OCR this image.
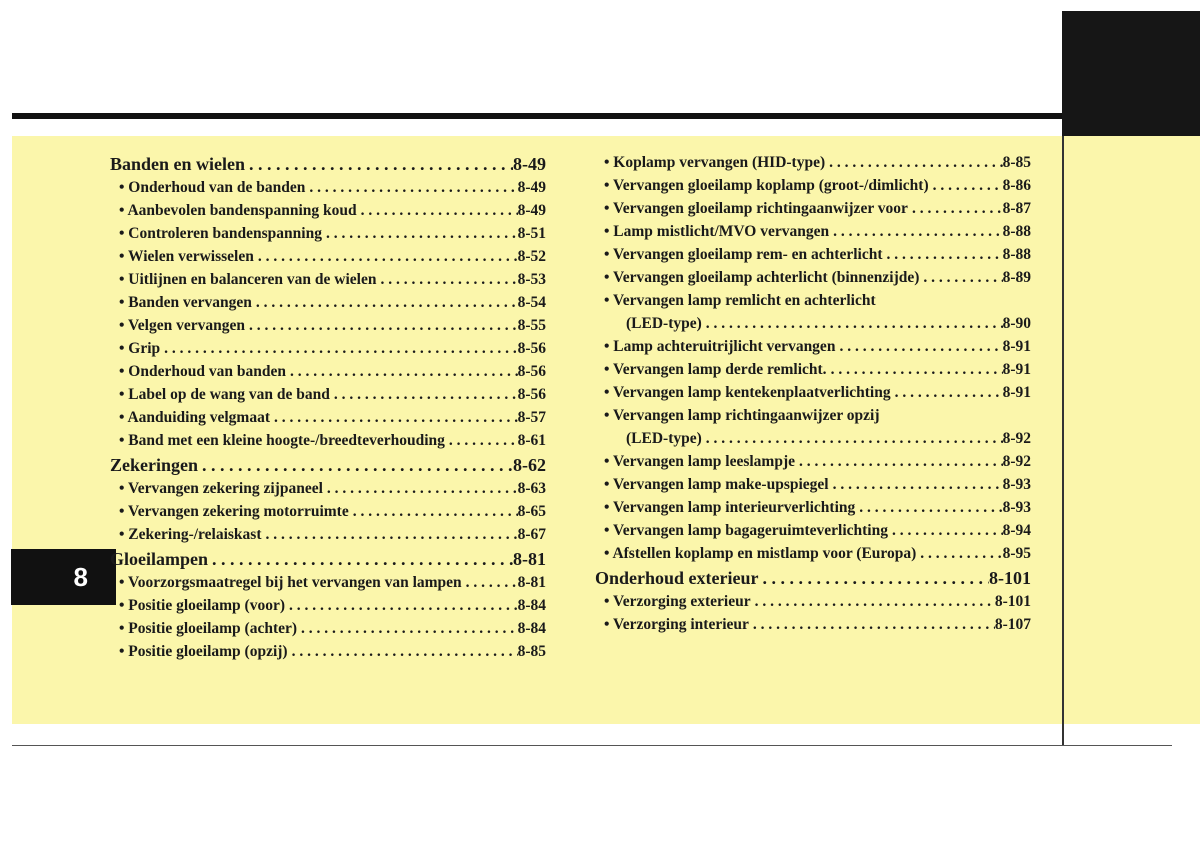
8
Banden en wielen . . .	8-49
• Onderhoud van de banden . . .	8-49
• Aanbevolen bandenspanning koud . . .	8-49
• Controleren bandenspanning . . .	8-51
• Wielen verwisselen . . .	8-52
• Uitlijnen en balanceren van de wielen . . .	8-53
• Banden vervangen . . .	8-54
• Velgen vervangen . . .	8-55
• Grip . . .	8-56
• Onderhoud van banden . . .	8-56
• Label op de wang van de band . . .	8-56
• Aanduiding velgmaat . . .	8-57
• Band met een kleine hoogte-/breedteverhouding . . .	8-61
Zekeringen . . .	8-62
• Vervangen zekering zijpaneel . . .	8-63
• Vervangen zekering motorruimte . . .	8-65
• Zekering-/relaiskast . . .	8-67
Gloeilampen . . .	8-81
• Voorzorgsmaatregel bij het vervangen van lampen . . .	8-81
• Positie gloeilamp (voor) . . .	8-84
• Positie gloeilamp (achter) . . .	8-84
• Positie gloeilamp (opzij) . . .	8-85
• Koplamp vervangen (HID-type) . . .	8-85
• Vervangen gloeilamp koplamp (groot-/dimlicht) . . .	8-86
• Vervangen gloeilamp richtingaanwijzer voor . . .	8-87
• Lamp mistlicht/MVO vervangen . . .	8-88
• Vervangen gloeilamp rem- en achterlicht . . .	8-88
• Vervangen gloeilamp achterlicht (binnenzijde) . . .	8-89
• Vervangen lamp remlicht en achterlicht
(LED-type) . . .	8-90
• Lamp achteruitrijlicht vervangen . . .	8-91
• Vervangen lamp derde remlicht. . . .	8-91
• Vervangen lamp kentekenplaatverlichting . . .	8-91
• Vervangen lamp richtingaanwijzer opzij
(LED-type) . . .	8-92
• Vervangen lamp leeslampje . . .	8-92
• Vervangen lamp make-upspiegel . . .	8-93
• Vervangen lamp interieurverlichting . . .	8-93
• Vervangen lamp bagageruimteverlichting . . .	8-94
• Afstellen koplamp en mistlamp voor (Europa) . . .	8-95
Onderhoud exterieur . . .	8-101
• Verzorging exterieur . . .	8-101
• Verzorging interieur . . .	8-107
